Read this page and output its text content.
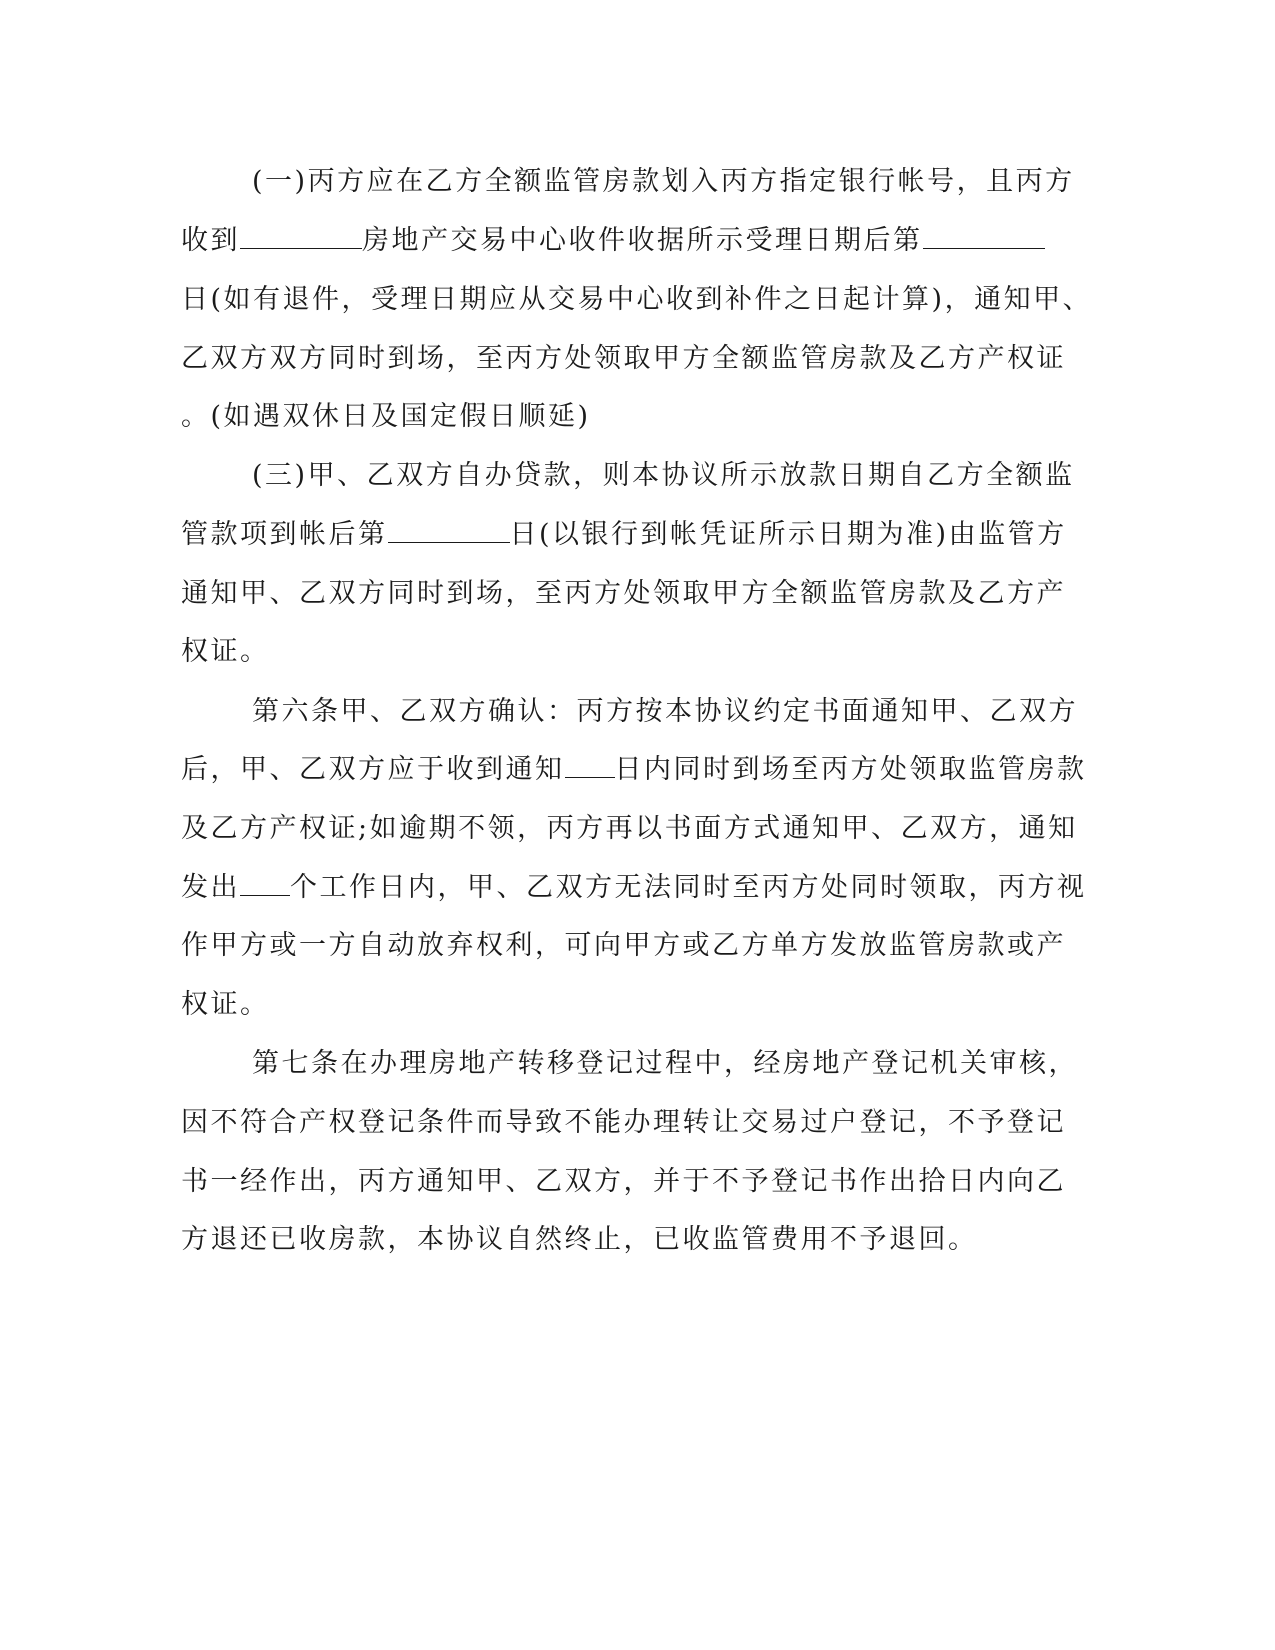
(一)丙方应在乙方全额监管房款划入丙方指定银行帐号，且丙方
收到	房地产交易中心收件收据所示受理日期后第
日(如有退件，受理日期应从交易中心收到补件之日起计算)，通知甲、
乙双方双方同时到场，至丙方处领取甲方全额监管房款及乙方产权证
。(如遇双休日及国定假日顺延)
(三)甲、乙双方自办贷款，则本协议所示放款日期自乙方全额监
管款项到帐后第	日(以银行到帐凭证所示日期为准)由监管方
通知甲、乙双方同时到场，至丙方处领取甲方全额监管房款及乙方产
权证。
第六条甲、乙双方确认：丙方按本协议约定书面通知甲、乙双方
后，甲、乙双方应于收到通知 日内同时到场至丙方处领取监管房款
及乙方产权证;如逾期不领，丙方再以书面方式通知甲、乙双方，通知
发出 个工作日内，甲、乙双方无法同时至丙方处同时领取，丙方视
作甲方或一方自动放弃权利，可向甲方或乙方单方发放监管房款或产
权证。
第七条在办理房地产转移登记过程中，经房地产登记机关审核，
因不符合产权登记条件而导致不能办理转让交易过户登记，不予登记
书一经作出，丙方通知甲、乙双方，并于不予登记书作出拾日内向乙
方退还已收房款，本协议自然终止，已收监管费用不予退回。
